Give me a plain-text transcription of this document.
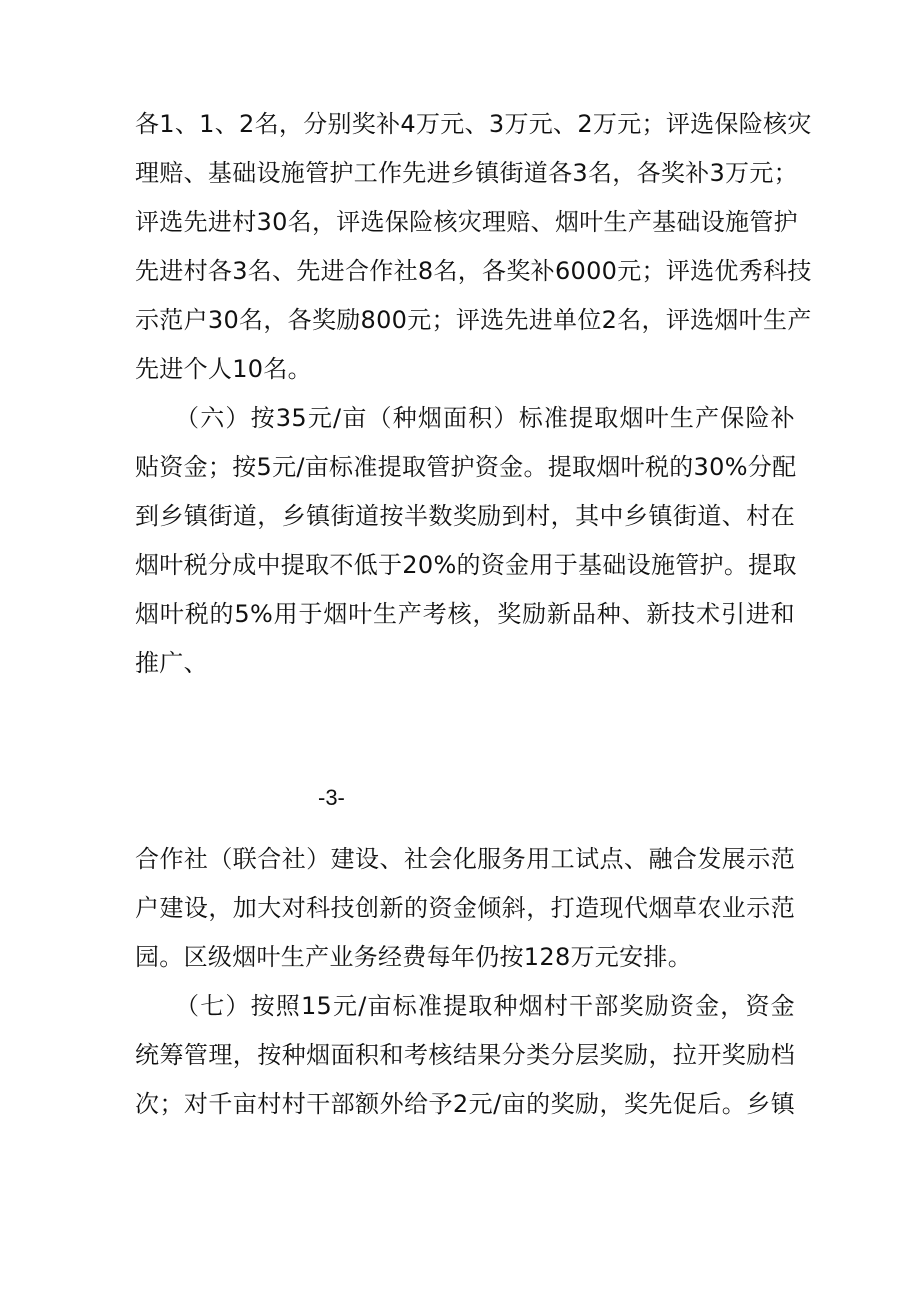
各1、1、2名，分别奖补4万元、3万元、2万元；评选保险核灾
理赔、基础设施管护工作先进乡镇街道各3名，各奖补3万元；
评选先进村30名，评选保险核灾理赔、烟叶生产基础设施管护
先进村各3名、先进合作社8名，各奖补6000元；评选优秀科技
示范户30名，各奖励800元；评选先进单位2名，评选烟叶生产
先进个人10名。
（六）按35元/亩（种烟面积）标准提取烟叶生产保险补
贴资金；按5元/亩标准提取管护资金。提取烟叶税的30%分配
到乡镇街道，乡镇街道按半数奖励到村，其中乡镇街道、村在
烟叶税分成中提取不低于20%的资金用于基础设施管护。提取
烟叶税的5%用于烟叶生产考核，奖励新品种、新技术引进和
推广、
-3-
合作社（联合社）建设、社会化服务用工试点、融合发展示范
户建设，加大对科技创新的资金倾斜，打造现代烟草农业示范
园。区级烟叶生产业务经费每年仍按128万元安排。
（七）按照15元/亩标准提取种烟村干部奖励资金，资金
统筹管理，按种烟面积和考核结果分类分层奖励，拉开奖励档
次；对千亩村村干部额外给予2元/亩的奖励，奖先促后。乡镇
